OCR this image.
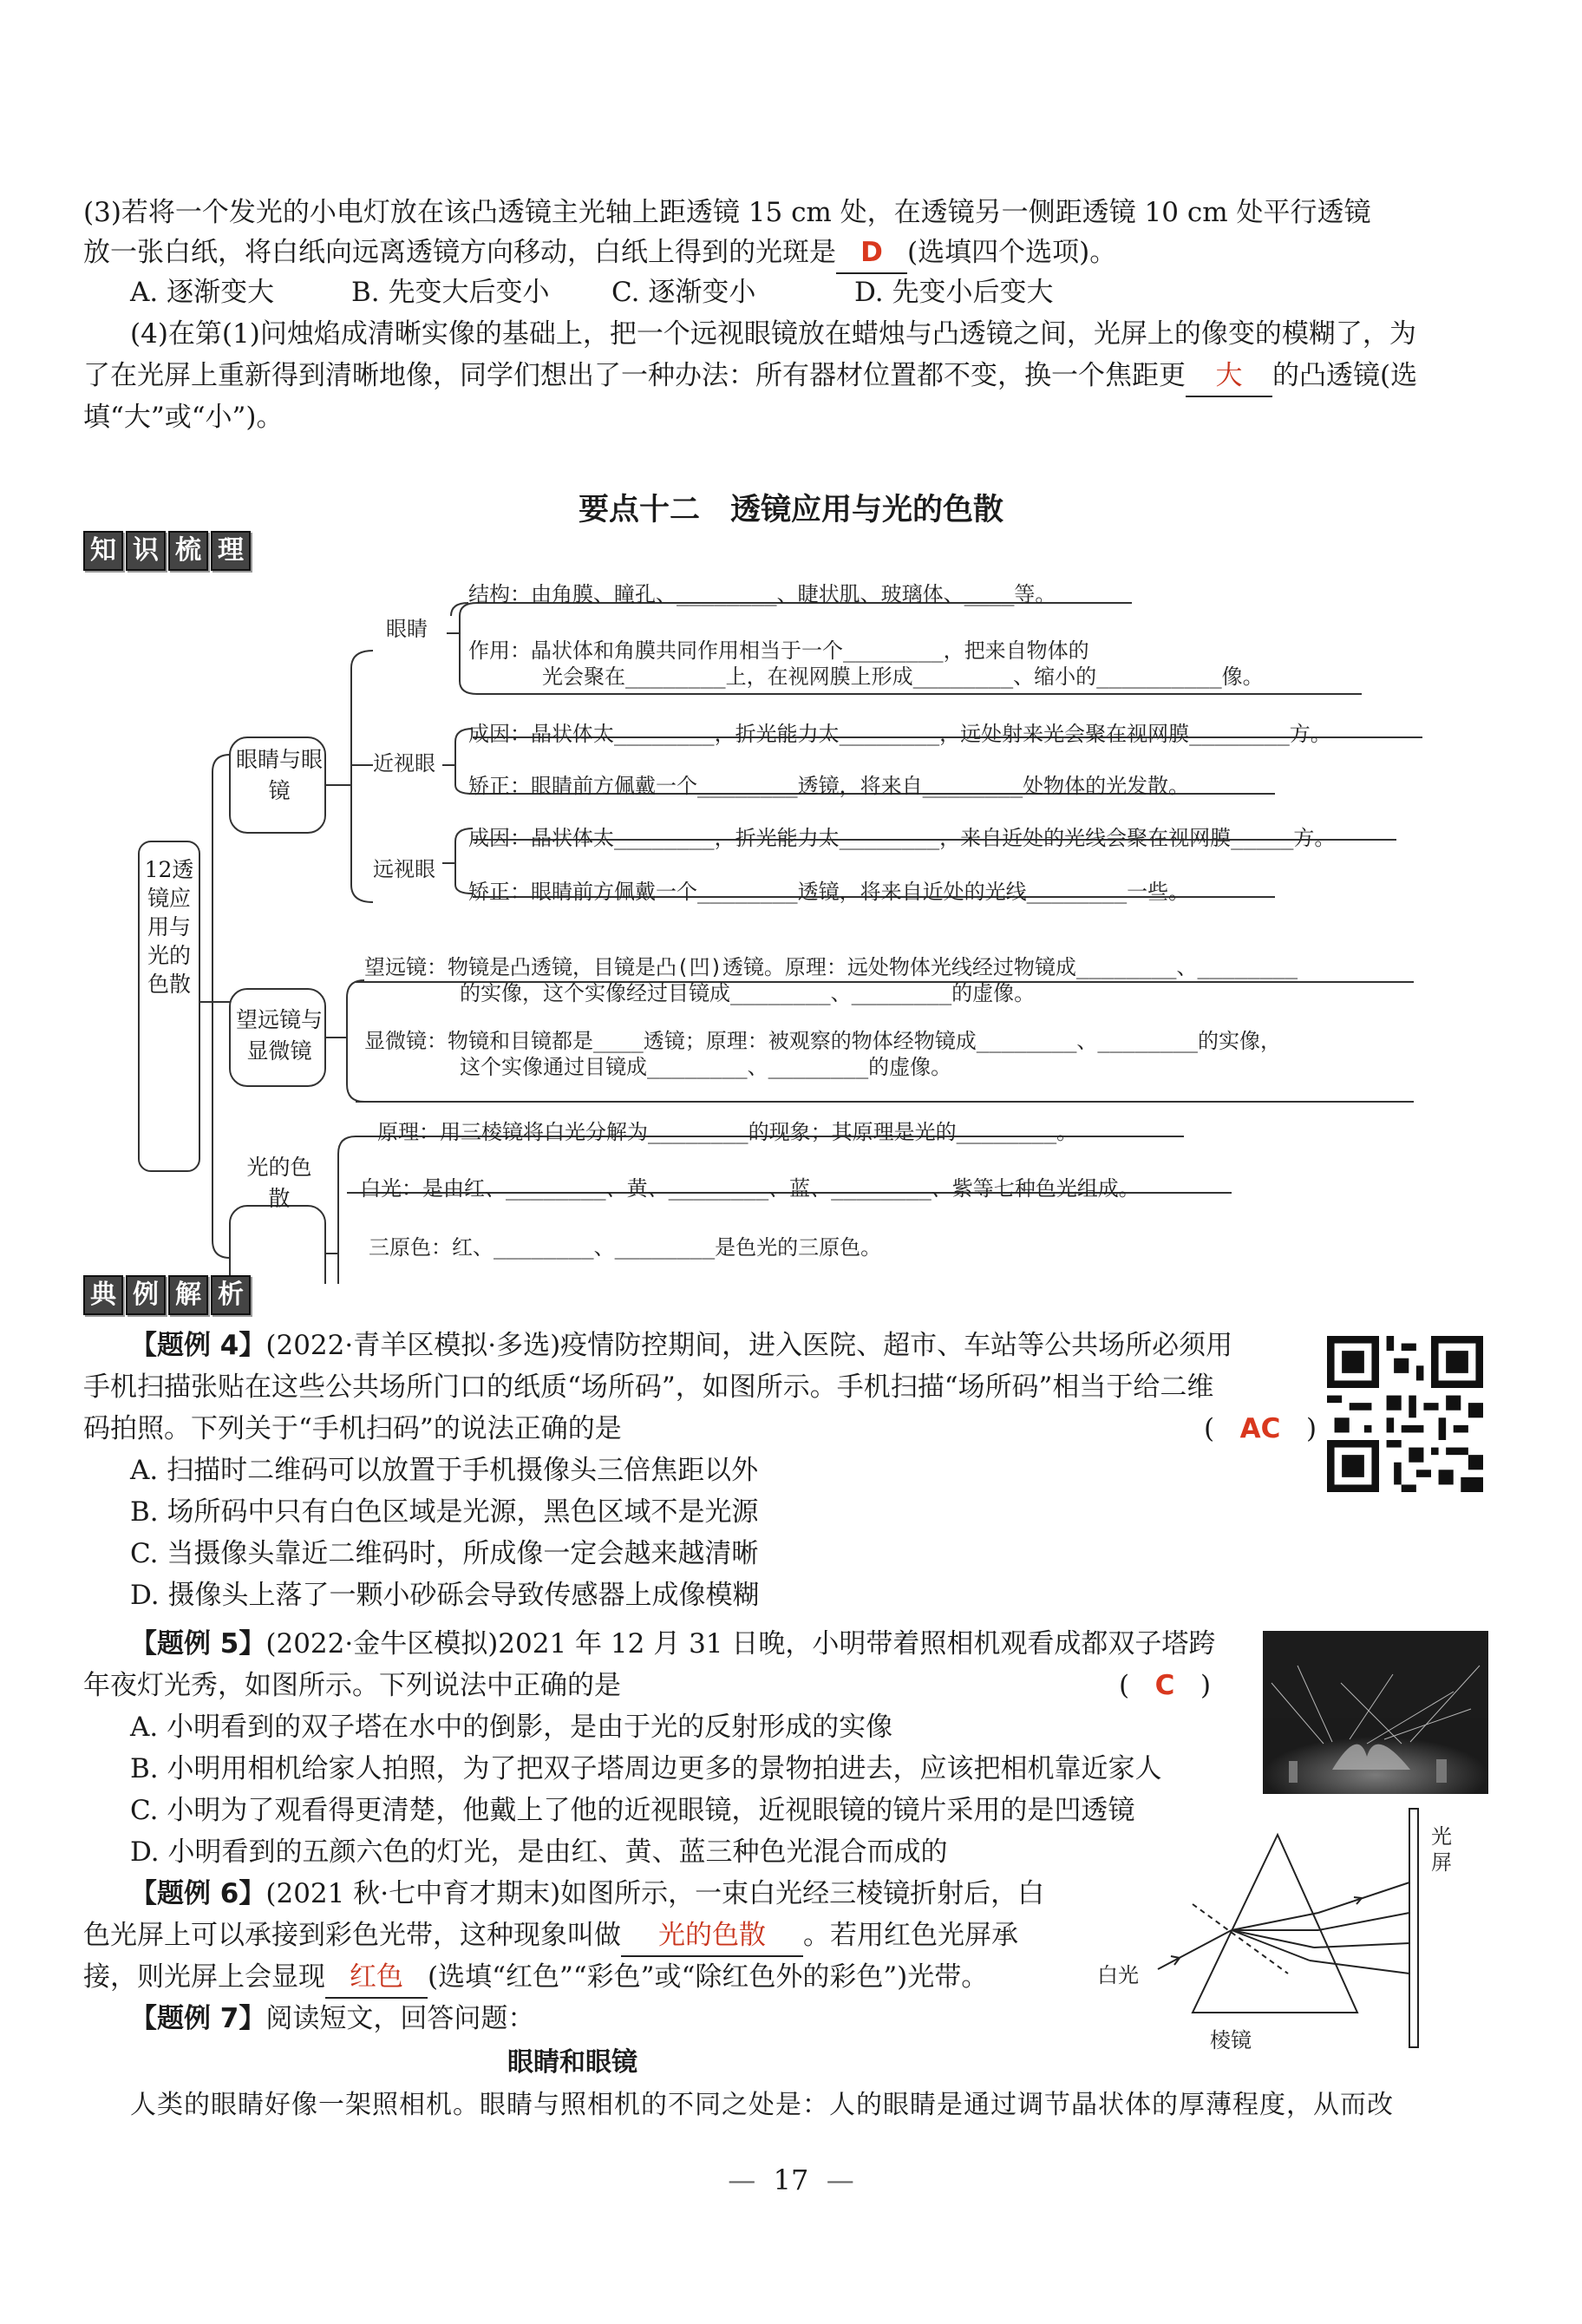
(3)若将一个发光的小电灯放在该凸透镜主光轴上距透镜 15 cm 处，在透镜另一侧距透镜 10 cm 处平行透镜
放一张白纸，将白纸向远离透镜方向移动，白纸上得到的光斑是 D (选填四个选项)。
A. 逐渐变大	B. 先变大后变小 C. 逐渐变小	D. 先变小后变大
(4)在第(1)问烛焰成清晰实像的基础上，把一个远视眼镜放在蜡烛与凸透镜之间，光屏上的像变的模糊了，为
了在光屏上重新得到清晰地像，同学们想出了一种办法：所有器材位置都不变，换一个焦距更 大 的凸透镜(选
填“大”或“小”)。
要点十二　透镜应用与光的色散
知 识 梳 理
12透镜应用与光的色散
眼睛与眼镜
望远镜与显微镜
光的色散
眼睛
近视眼
远视眼
结构：由角膜、瞳孔、________、睫状肌、玻璃体、____等。
作用：晶状体和角膜共同作用相当于一个________，把来自物体的
光会聚在________上，在视网膜上形成________、缩小的__________像。
成因：晶状体太________，折光能力太________，远处射来光会聚在视网膜________方。
矫正：眼睛前方佩戴一个________透镜，将来自________处物体的光发散。
成因：晶状体太________，折光能力太________，来自近处的光线会聚在视网膜_____方。
矫正：眼睛前方佩戴一个________透镜，将来自近处的光线________一些。
望远镜：物镜是凸透镜，目镜是凸(凹)透镜。原理：远处物体光线经过物镜成________、________
的实像，这个实像经过目镜成________、________的虚像。
显微镜：物镜和目镜都是____透镜；原理：被观察的物体经物镜成________、________的实像，
这个实像通过目镜成________、________的虚像。
原理：用三棱镜将白光分解为________的现象；其原理是光的________。
白光：是由红、________、黄、________、蓝、________、紫等七种色光组成。
三原色：红、________、________是色光的三原色。
典 例 解 析
【题例 4】(2022·青羊区模拟·多选)疫情防控期间，进入医院、超市、车站等公共场所必须用
手机扫描张贴在这些公共场所门口的纸质“场所码”，如图所示。手机扫描“场所码”相当于给二维
码拍照。下列关于“手机扫码”的说法正确的是	(   AC   )
A. 扫描时二维码可以放置于手机摄像头三倍焦距以外
B. 场所码中只有白色区域是光源，黑色区域不是光源
C. 当摄像头靠近二维码时，所成像一定会越来越清晰
D. 摄像头上落了一颗小砂砾会导致传感器上成像模糊
【题例 5】(2022·金牛区模拟)2021 年 12 月 31 日晚，小明带着照相机观看成都双子塔跨
年夜灯光秀，如图所示。下列说法中正确的是	(   C   )
A. 小明看到的双子塔在水中的倒影，是由于光的反射形成的实像
B. 小明用相机给家人拍照，为了把双子塔周边更多的景物拍进去，应该把相机靠近家人
C. 小明为了观看得更清楚，他戴上了他的近视眼镜，近视眼镜的镜片采用的是凹透镜
D. 小明看到的五颜六色的灯光，是由红、黄、蓝三种色光混合而成的
【题例 6】(2021 秋·七中育才期末)如图所示，一束白光经三棱镜折射后，白
色光屏上可以承接到彩色光带，这种现象叫做 光的色散 。若用红色光屏承
接，则光屏上会显现 红色 (选填“红色”“彩色”或“除红色外的彩色”)光带。	白光
棱镜
光
屏
【题例 7】阅读短文，回答问题：
眼睛和眼镜
人类的眼睛好像一架照相机。眼睛与照相机的不同之处是：人的眼睛是通过调节晶状体的厚薄程度，从而改
— 17 —
